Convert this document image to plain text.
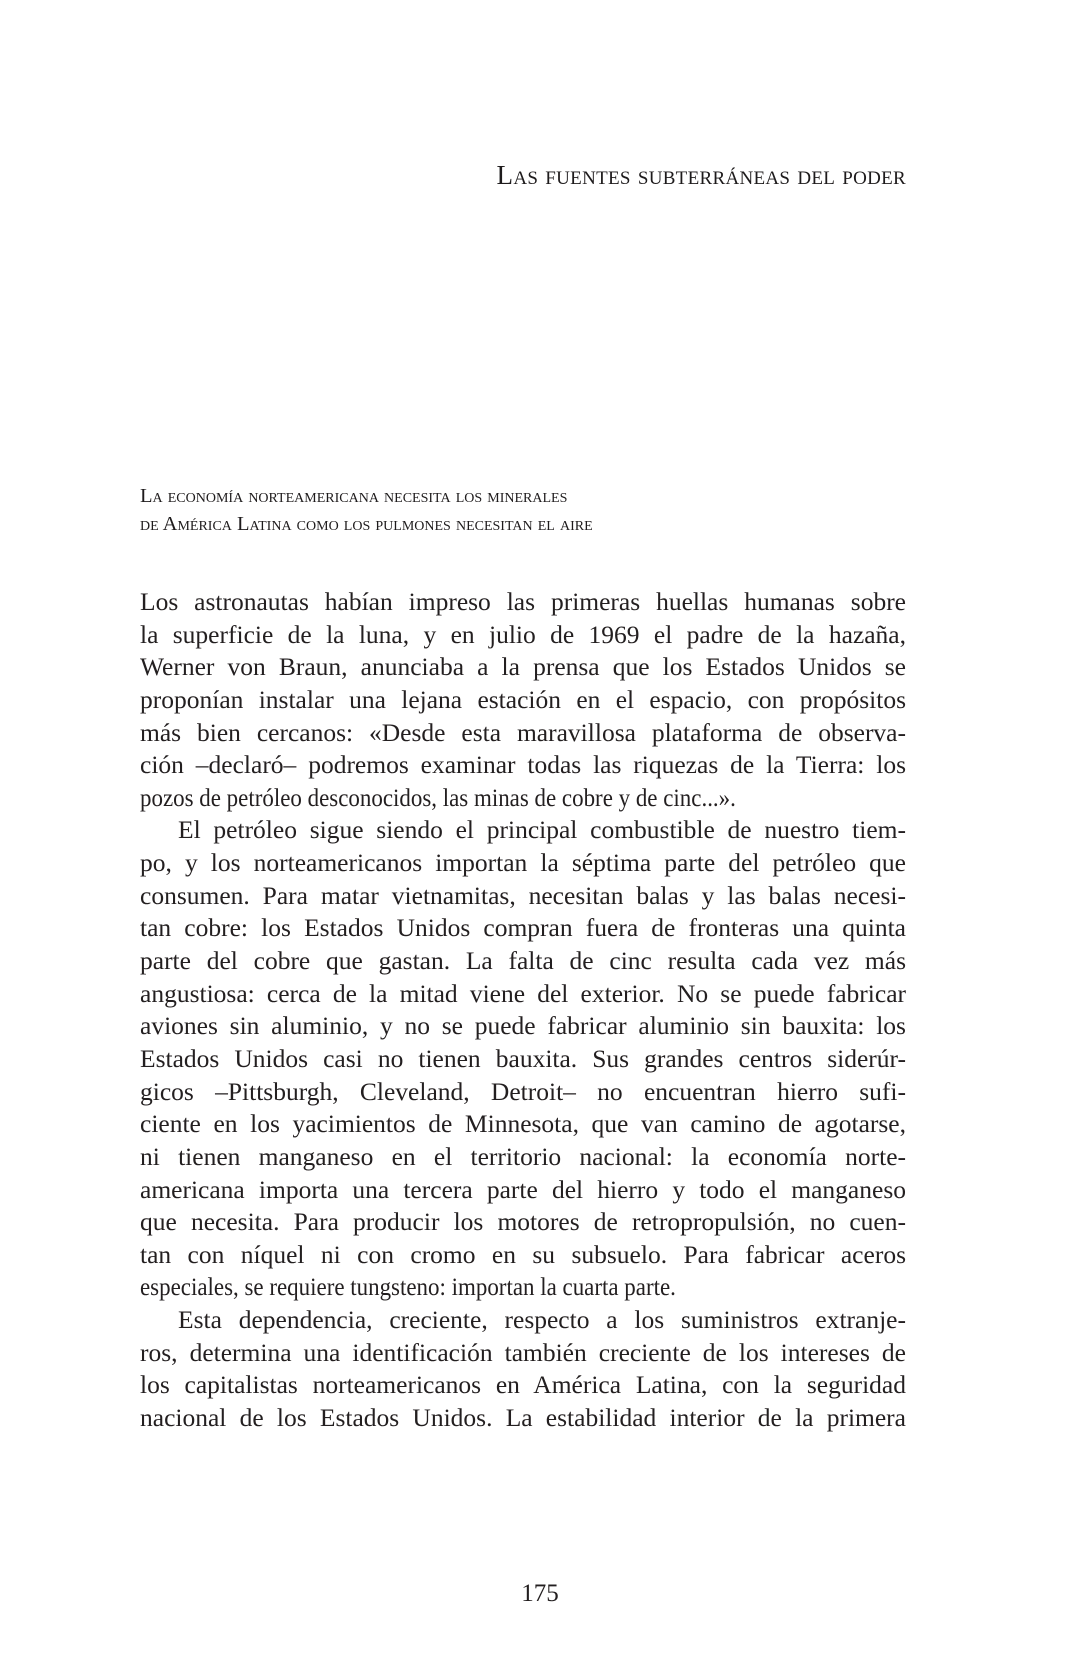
Las fuentes subterráneas del poder
La economía norteamericana necesita los minerales
de América Latina como los pulmones necesitan el aire
Los astronautas habían impreso las primeras huellas humanas sobre
la superficie de la luna, y en julio de 1969 el padre de la hazaña,
Werner von Braun, anunciaba a la prensa que los Estados Unidos se
proponían instalar una lejana estación en el espacio, con propósitos
más bien cercanos: «Desde esta maravillosa plataforma de observa-
ción –declaró– podremos examinar todas las riquezas de la Tierra: los
pozos de petróleo desconocidos, las minas de cobre y de cinc...».
El petróleo sigue siendo el principal combustible de nuestro tiem-
po, y los norteamericanos importan la séptima parte del petróleo que
consumen. Para matar vietnamitas, necesitan balas y las balas necesi-
tan cobre: los Estados Unidos compran fuera de fronteras una quinta
parte del cobre que gastan. La falta de cinc resulta cada vez más
angustiosa: cerca de la mitad viene del exterior. No se puede fabricar
aviones sin aluminio, y no se puede fabricar aluminio sin bauxita: los
Estados Unidos casi no tienen bauxita. Sus grandes centros siderúr-
gicos –Pittsburgh, Cleveland, Detroit– no encuentran hierro sufi-
ciente en los yacimientos de Minnesota, que van camino de agotarse,
ni tienen manganeso en el territorio nacional: la economía norte-
americana importa una tercera parte del hierro y todo el manganeso
que necesita. Para producir los motores de retropropulsión, no cuen-
tan con níquel ni con cromo en su subsuelo. Para fabricar aceros
especiales, se requiere tungsteno: importan la cuarta parte.
Esta dependencia, creciente, respecto a los suministros extranje-
ros, determina una identificación también creciente de los intereses de
los capitalistas norteamericanos en América Latina, con la seguridad
nacional de los Estados Unidos. La estabilidad interior de la primera
175
